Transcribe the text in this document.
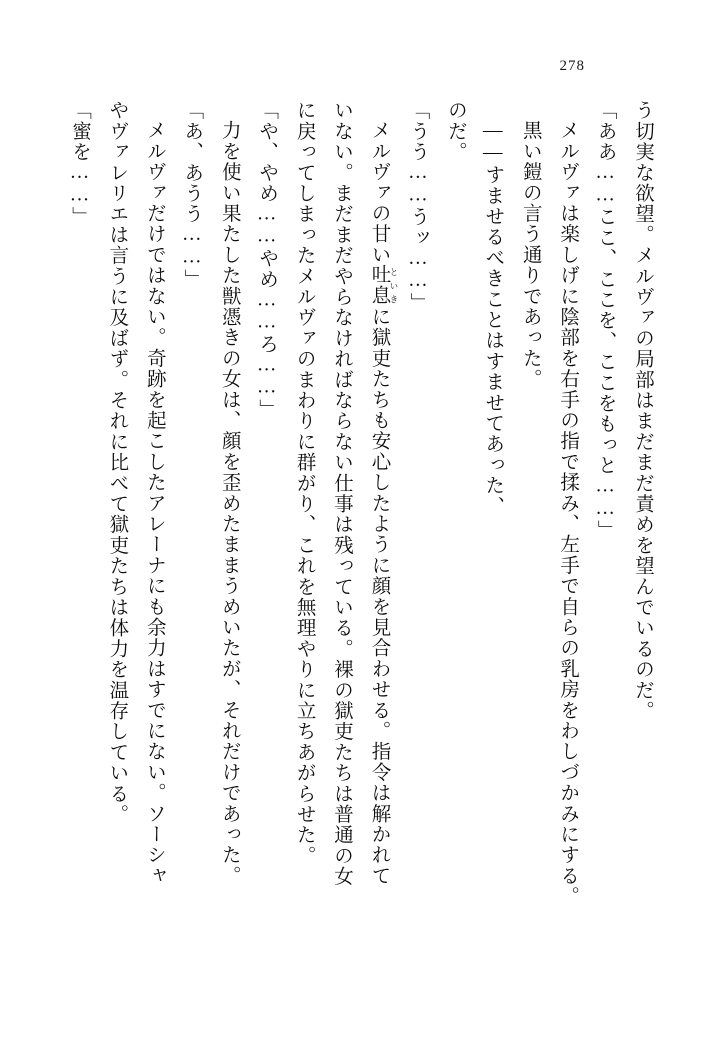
278

う切実な欲望。メルヴァの局部はまだまだ責めを望んでいるのだ。

「ああ……ここ、ここを、ここをもっと……」

メルヴァは楽しげに陰部を右手の指で揉み、左手で自らの乳房をわしづかみにする。

黒い鎧の言う通りであった。

――すませるべきことはすませてあった、

のだ。

「うう……うッ……」

メルヴァの甘い吐息 といきに獄吏たちも安心したように顔を見合わせる。指令は解かれて

いない。まだまだやらなければならない仕事は残っている。裸の獄吏たちは普通の女

に戻ってしまったメルヴァのまわりに群がり、これを無理やりに立ちあがらせた。

「や、やめ……やめ……ろ……」

力を使い果たした獣憑きの女は、顔を歪めたままうめいたが、それだけであった。

「あ、あうう……」

メルヴァだけではない。奇跡を起こしたアレーナにも余力はすでにない。ソーシャ

やヴァレリエは言うに及ばず。それに比べて獄吏たちは体力を温存している。

「蜜を……」
